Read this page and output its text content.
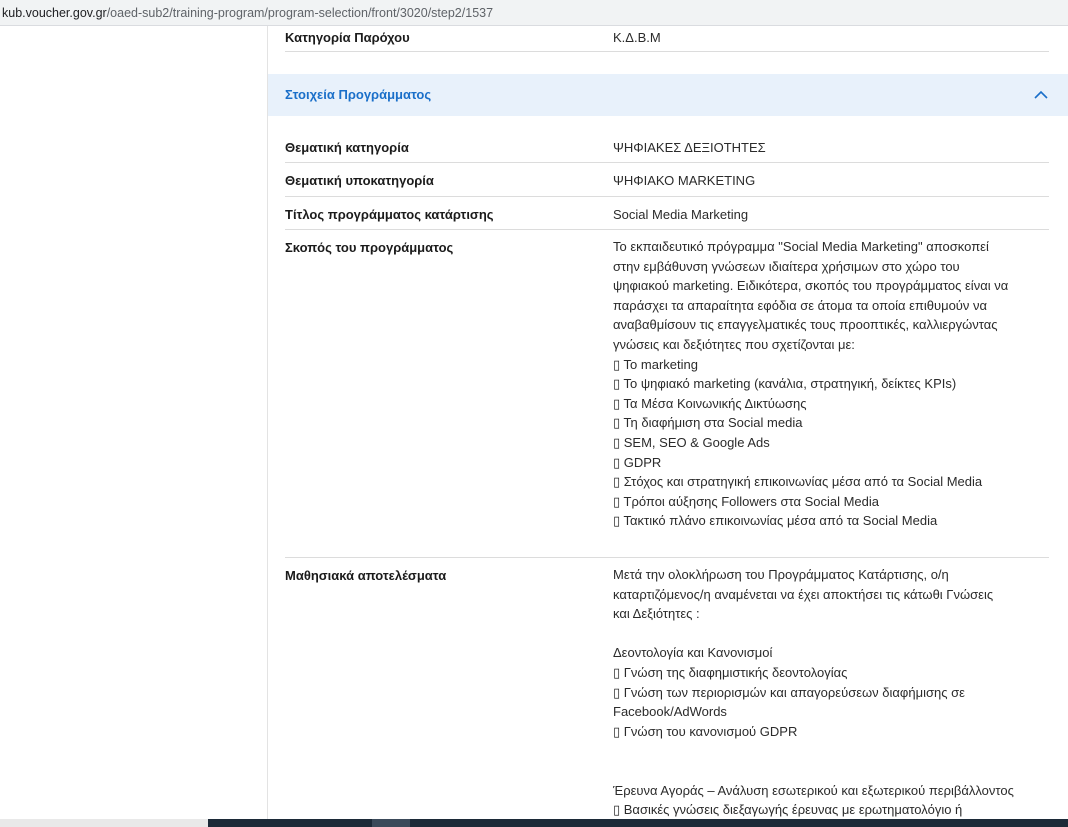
kub.voucher.gov.gr/oaed-sub2/training-program/program-selection/front/3020/step2/1537
Κατηγορία Παρόχου	Κ.Δ.Β.Μ
Στοιχεία Προγράμματος
Θεματική κατηγορία	ΨΗΦΙΑΚΕΣ ΔΕΞΙΟΤΗΤΕΣ
Θεματική υποκατηγορία	ΨΗΦΙΑΚΟ MARKETING
Τίτλος προγράμματος κατάρτισης	Social Media Marketing
Σκοπός του προγράμματος	Το εκπαιδευτικό πρόγραμμα "Social Media Marketing" αποσκοπεί
στην εμβάθυνση γνώσεων ιδιαίτερα χρήσιμων στο χώρο του
ψηφιακού marketing. Ειδικότερα, σκοπός του προγράμματος είναι να
παράσχει τα απαραίτητα εφόδια σε άτομα τα οποία επιθυμούν να
αναβαθμίσουν τις επαγγελματικές τους προοπτικές, καλλιεργώντας
γνώσεις και δεξιότητες που σχετίζονται με:
▯ Το marketing
▯ Το ψηφιακό marketing (κανάλια, στρατηγική, δείκτες KPIs)
▯ Τα Μέσα Κοινωνικής Δικτύωσης
▯ Τη διαφήμιση στα Social media
▯ SEM, SEO & Google Ads
▯ GDPR
▯ Στόχος και στρατηγική επικοινωνίας μέσα από τα Social Media
▯ Τρόποι αύξησης Followers στα Social Media
▯ Τακτικό πλάνο επικοινωνίας μέσα από τα Social Media
Μαθησιακά αποτελέσματα	Μετά την ολοκλήρωση του Προγράμματος Κατάρτισης, ο/η
καταρτιζόμενος/η αναμένεται να έχει αποκτήσει τις κάτωθι Γνώσεις
και Δεξιότητες :
Δεοντολογία και Κανονισμοί
▯ Γνώση της διαφημιστικής δεοντολογίας
▯ Γνώση των περιορισμών και απαγορεύσεων διαφήμισης σε
Facebook/AdWords
▯ Γνώση του κανονισμού GDPR
Έρευνα Αγοράς – Ανάλυση εσωτερικού και εξωτερικού περιβάλλοντος
▯ Βασικές γνώσεις διεξαγωγής έρευνας με ερωτηματολόγιο ή
